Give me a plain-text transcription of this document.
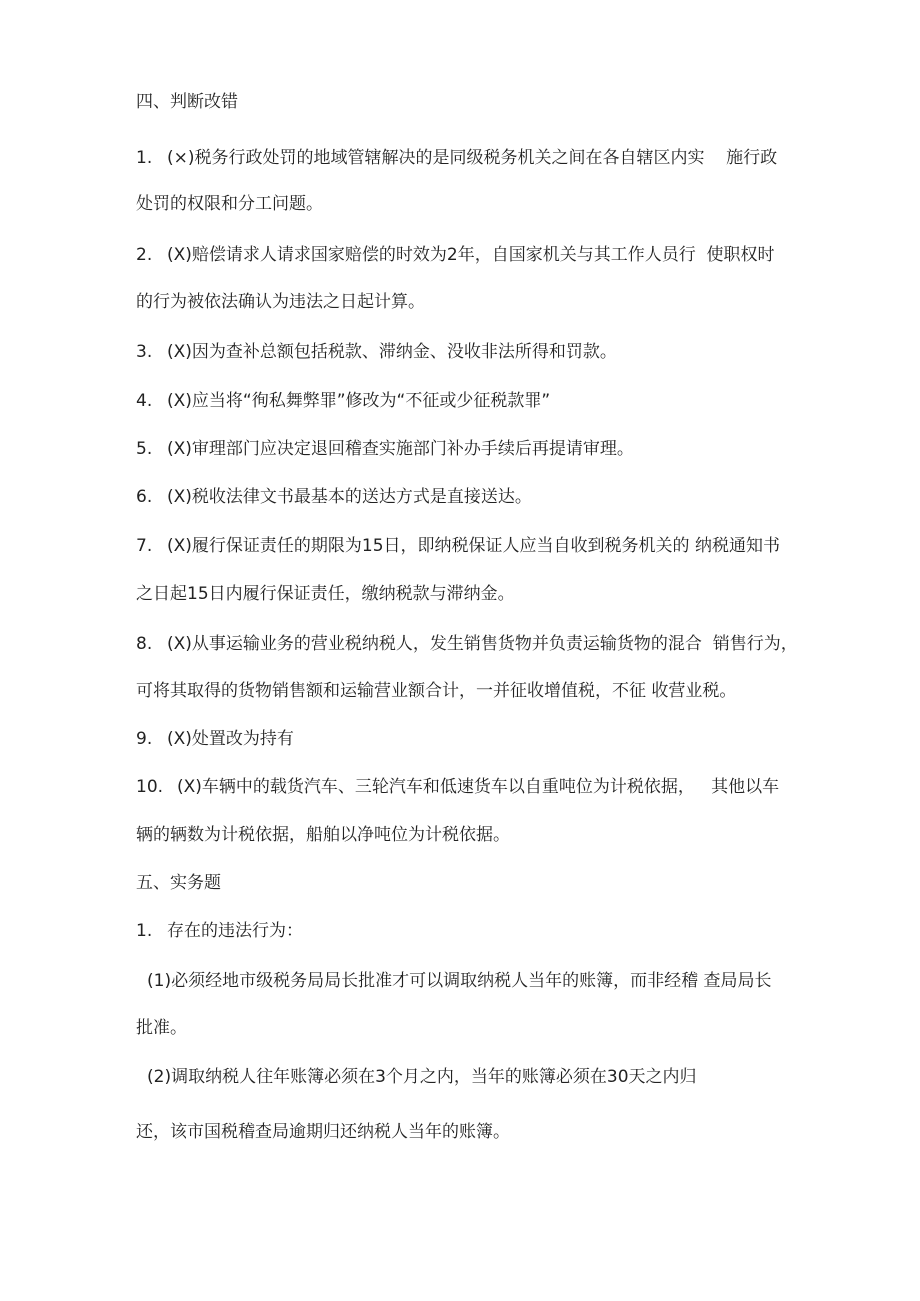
四、判断改错
1. (×)税务行政处罚的地域管辖解决的是同级税务机关之间在各自辖区内实    施行政
处罚的权限和分工问题。
2. (X)赔偿请求人请求国家赔偿的时效为2年，自国家机关与其工作人员行  使职权时
的行为被依法确认为违法之日起计算。
3. (X)因为查补总额包括税款、滞纳金、没收非法所得和罚款。
4. (X)应当将“徇私舞弊罪”修改为“不征或少征税款罪”
5. (X)审理部门应决定退回稽查实施部门补办手续后再提请审理。
6. (X)税收法律文书最基本的送达方式是直接送达。
7. (X)履行保证责任的期限为15日，即纳税保证人应当自收到税务机关的 纳税通知书
之日起15日内履行保证责任，缴纳税款与滞纳金。
8. (X)从事运输业务的营业税纳税人，发生销售货物并负责运输货物的混合  销售行为，
可将其取得的货物销售额和运输营业额合计，一并征收增值税，不征 收营业税。
9. (X)处置改为持有
10. (X)车辆中的载货汽车、三轮汽车和低速货车以自重吨位为计税依据，   其他以车
辆的辆数为计税依据，船舶以净吨位为计税依据。
五、实务题
1. 存在的违法行为：
(1)必须经地市级税务局局长批准才可以调取纳税人当年的账簿，而非经稽 查局局长
批准。
(2)调取纳税人往年账簿必须在3个月之内，当年的账簿必须在30天之内归
还，该市国税稽查局逾期归还纳税人当年的账簿。
